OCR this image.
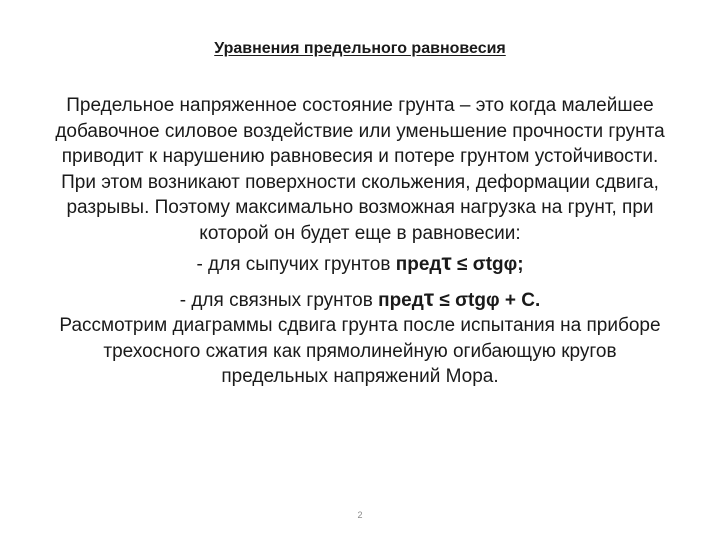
Уравнения предельного равновесия
Предельное напряженное состояние грунта – это когда малейшее
добавочное силовое воздействие или уменьшение прочности грунта
приводит к нарушению равновесия и потере грунтом устойчивости.
При этом возникают поверхности скольжения, деформации сдвига,
разрывы. Поэтому максимально возможная нагрузка на грунт, при
которой он будет еще в равновесии:
- для сыпучих грунтов предτ ≤ σtgφ;
- для связных грунтов предτ ≤ σtgφ + C.
Рассмотрим диаграммы сдвига грунта после испытания на приборе
трехосного сжатия как прямолинейную огибающую кругов
предельных напряжений Мора.
2
